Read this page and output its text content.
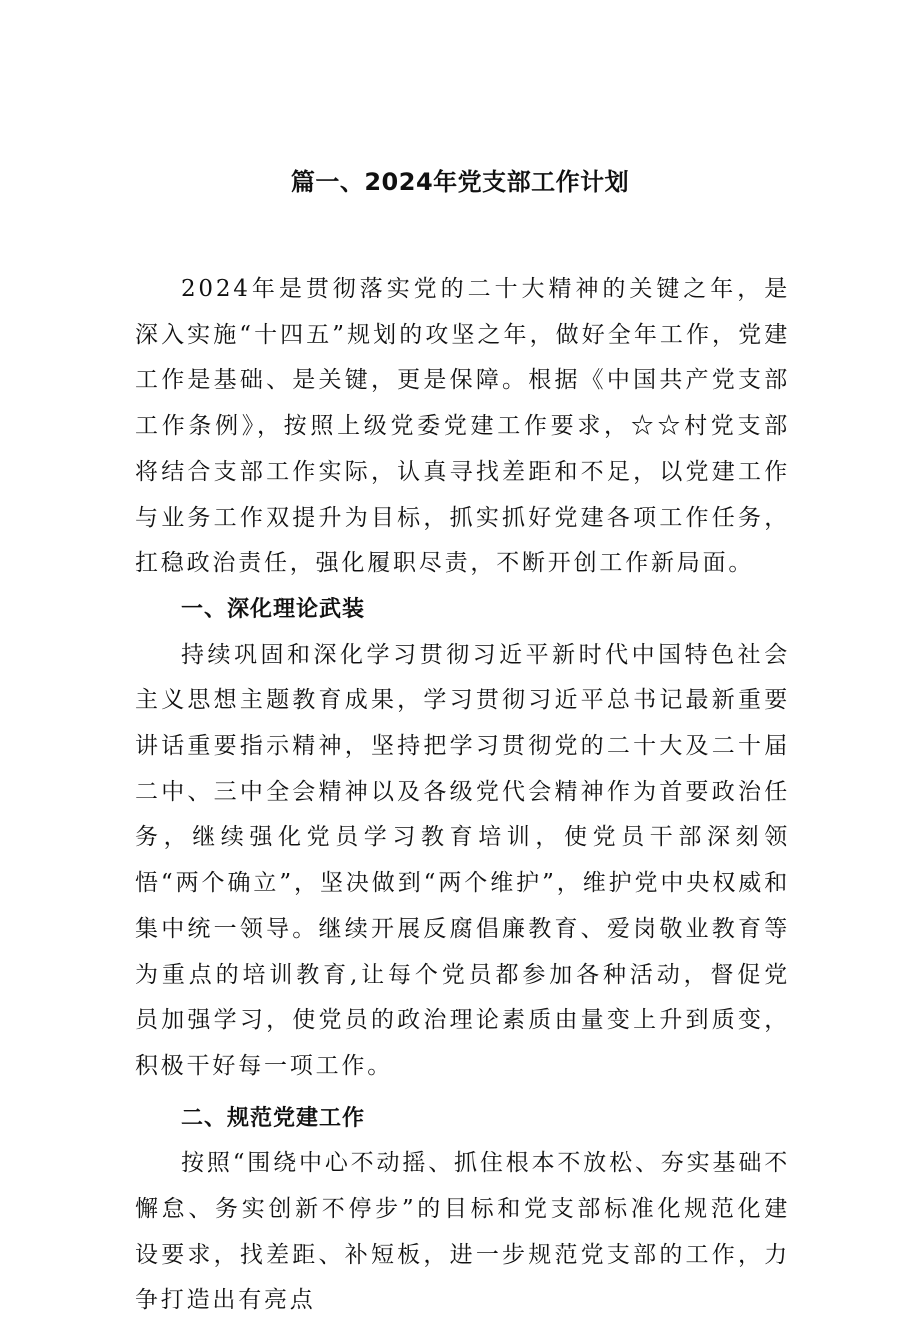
篇一、2024年党支部工作计划

2024年是贯彻落实党的二十大精神的关键之年，是深入实施“十四五”规划的攻坚之年，做好全年工作，党建工作是基础、是关键，更是保障。根据《中国共产党支部工作条例》，按照上级党委党建工作要求，☆☆村党支部将结合支部工作实际，认真寻找差距和不足，以党建工作与业务工作双提升为目标，抓实抓好党建各项工作任务，扛稳政治责任，强化履职尽责，不断开创工作新局面。

一、深化理论武装

持续巩固和深化学习贯彻习近平新时代中国特色社会主义思想主题教育成果，学习贯彻习近平总书记最新重要讲话重要指示精神，坚持把学习贯彻党的二十大及二十届二中、三中全会精神以及各级党代会精神作为首要政治任务，继续强化党员学习教育培训，使党员干部深刻领悟“两个确立”，坚决做到“两个维护”，维护党中央权威和集中统一领导。继续开展反腐倡廉教育、爱岗敬业教育等为重点的培训教育,让每个党员都参加各种活动，督促党员加强学习，使党员的政治理论素质由量变上升到质变，积极干好每一项工作。

二、规范党建工作

按照“围绕中心不动摇、抓住根本不放松、夯实基础不懈怠、务实创新不停步”的目标和党支部标准化规范化建设要求，找差距、补短板，进一步规范党支部的工作，力争打造出有亮点
